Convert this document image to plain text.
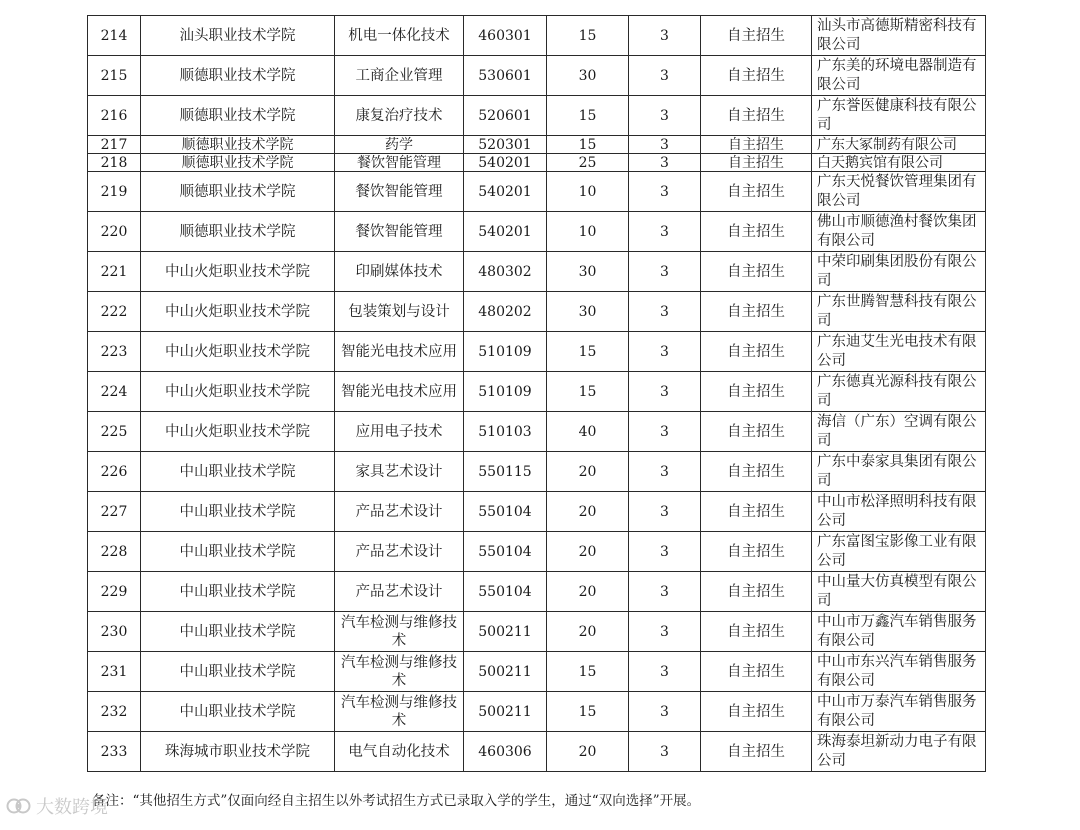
214	汕头职业技术学院	机电一体化技术	460301	15	3	自主招生	汕头市高德斯精密科技有限公司
215	顺德职业技术学院	工商企业管理	530601	30	3	自主招生	广东美的环境电器制造有限公司
216	顺德职业技术学院	康复治疗技术	520601	15	3	自主招生	广东誉医健康科技有限公司
217	顺德职业技术学院	药学	520301	15	3	自主招生	广东大冢制药有限公司
218	顺德职业技术学院	餐饮智能管理	540201	25	3	自主招生	白天鹅宾馆有限公司
219	顺德职业技术学院	餐饮智能管理	540201	10	3	自主招生	广东天悦餐饮管理集团有限公司
220	顺德职业技术学院	餐饮智能管理	540201	10	3	自主招生	佛山市顺德渔村餐饮集团有限公司
221	中山火炬职业技术学院	印刷媒体技术	480302	30	3	自主招生	中荣印刷集团股份有限公司
222	中山火炬职业技术学院	包装策划与设计	480202	30	3	自主招生	广东世腾智慧科技有限公司
223	中山火炬职业技术学院	智能光电技术应用	510109	15	3	自主招生	广东迪艾生光电技术有限公司
224	中山火炬职业技术学院	智能光电技术应用	510109	15	3	自主招生	广东德真光源科技有限公司
225	中山火炬职业技术学院	应用电子技术	510103	40	3	自主招生	海信（广东）空调有限公司
226	中山职业技术学院	家具艺术设计	550115	20	3	自主招生	广东中泰家具集团有限公司
227	中山职业技术学院	产品艺术设计	550104	20	3	自主招生	中山市松泽照明科技有限公司
228	中山职业技术学院	产品艺术设计	550104	20	3	自主招生	广东富图宝影像工业有限公司
229	中山职业技术学院	产品艺术设计	550104	20	3	自主招生	中山量大仿真模型有限公司
230	中山职业技术学院	汽车检测与维修技术	500211	20	3	自主招生	中山市万鑫汽车销售服务有限公司
231	中山职业技术学院	汽车检测与维修技术	500211	15	3	自主招生	中山市东兴汽车销售服务有限公司
232	中山职业技术学院	汽车检测与维修技术	500211	15	3	自主招生	中山市万泰汽车销售服务有限公司
233	珠海城市职业技术学院	电气自动化技术	460306	20	3	自主招生	珠海泰坦新动力电子有限公司
备注：“其他招生方式”仅面向经自主招生以外考试招生方式已录取入学的学生，通过“双向选择”开展。
大数跨境
